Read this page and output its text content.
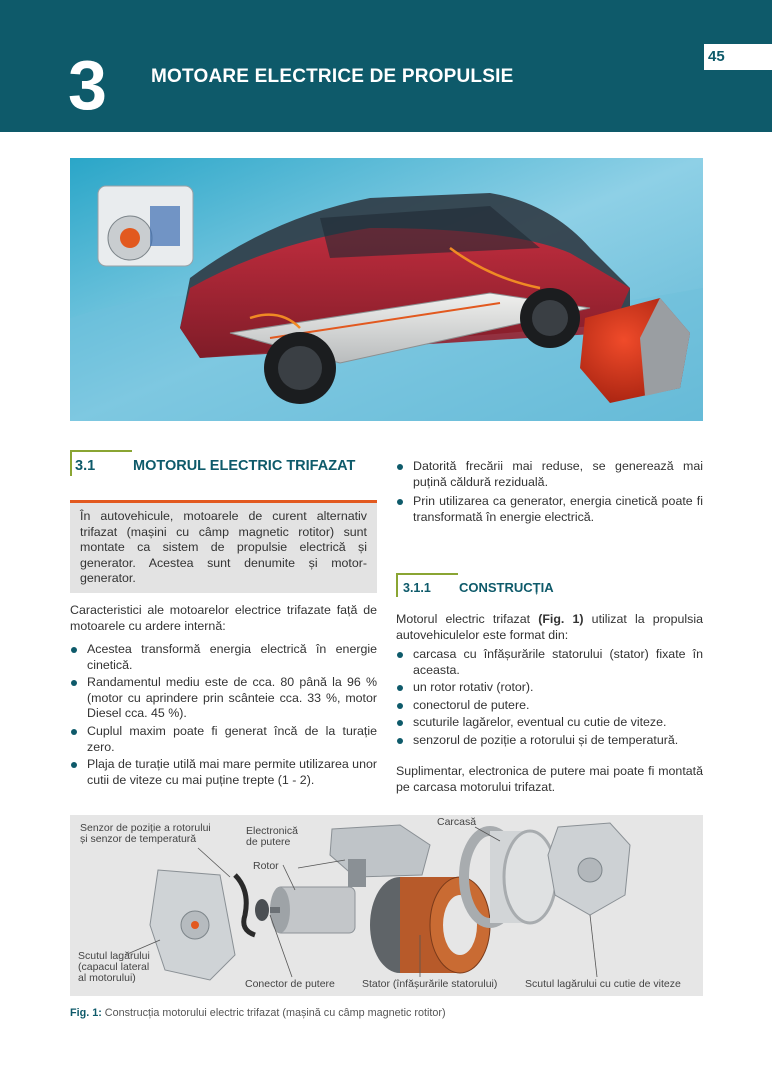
3 MOTOARE ELECTRICE DE PROPULSIE
45
3.1	MOTORUL ELECTRIC TRIFAZAT
În autovehicule, motoarele de curent alternativ trifazat (mașini cu câmp magnetic rotitor) sunt montate ca sistem de propulsie electrică și generator. Acestea sunt denumite și motor-generator.
Caracteristici ale motoarelor electrice trifazate față de motoarele cu ardere internă:
Acestea transformă energia electrică în energie cinetică.
Randamentul mediu este de cca. 80 până la 96 % (motor cu aprindere prin scânteie cca. 33 %, motor Diesel cca. 45 %).
Cuplul maxim poate fi generat încă de la turație zero.
Plaja de turație utilă mai mare permite utilizarea unor cutii de viteze cu mai puține trepte (1 - 2).
Datorită frecării mai reduse, se generează mai puțină căldură reziduală.
Prin utilizarea ca generator, energia cinetică poate fi transformată în energie electrică.
3.1.1 CONSTRUCȚIA
Motorul electric trifazat (Fig. 1) utilizat la propulsia autovehiculelor este format din:
carcasa cu înfășurările statorului (stator) fixate în aceasta.
un rotor rotativ (rotor).
conectorul de putere.
scuturile lagărelor, eventual cu cutie de viteze.
senzorul de poziție a rotorului și de temperatură.
Suplimentar, electronica de putere mai poate fi montată pe carcasa motorului trifazat.
Senzor de poziție a rotorului
și senzor de temperatură
Electronică
de putere
Carcasă
Rotor
Scutul lagărului
(capacul lateral
al motorului)	Conector de putere	Stator (înfășurările statorului)	Scutul lagărului cu cutie de viteze
Fig. 1: Construcția motorului electric trifazat (mașină cu câmp magnetic rotitor)
